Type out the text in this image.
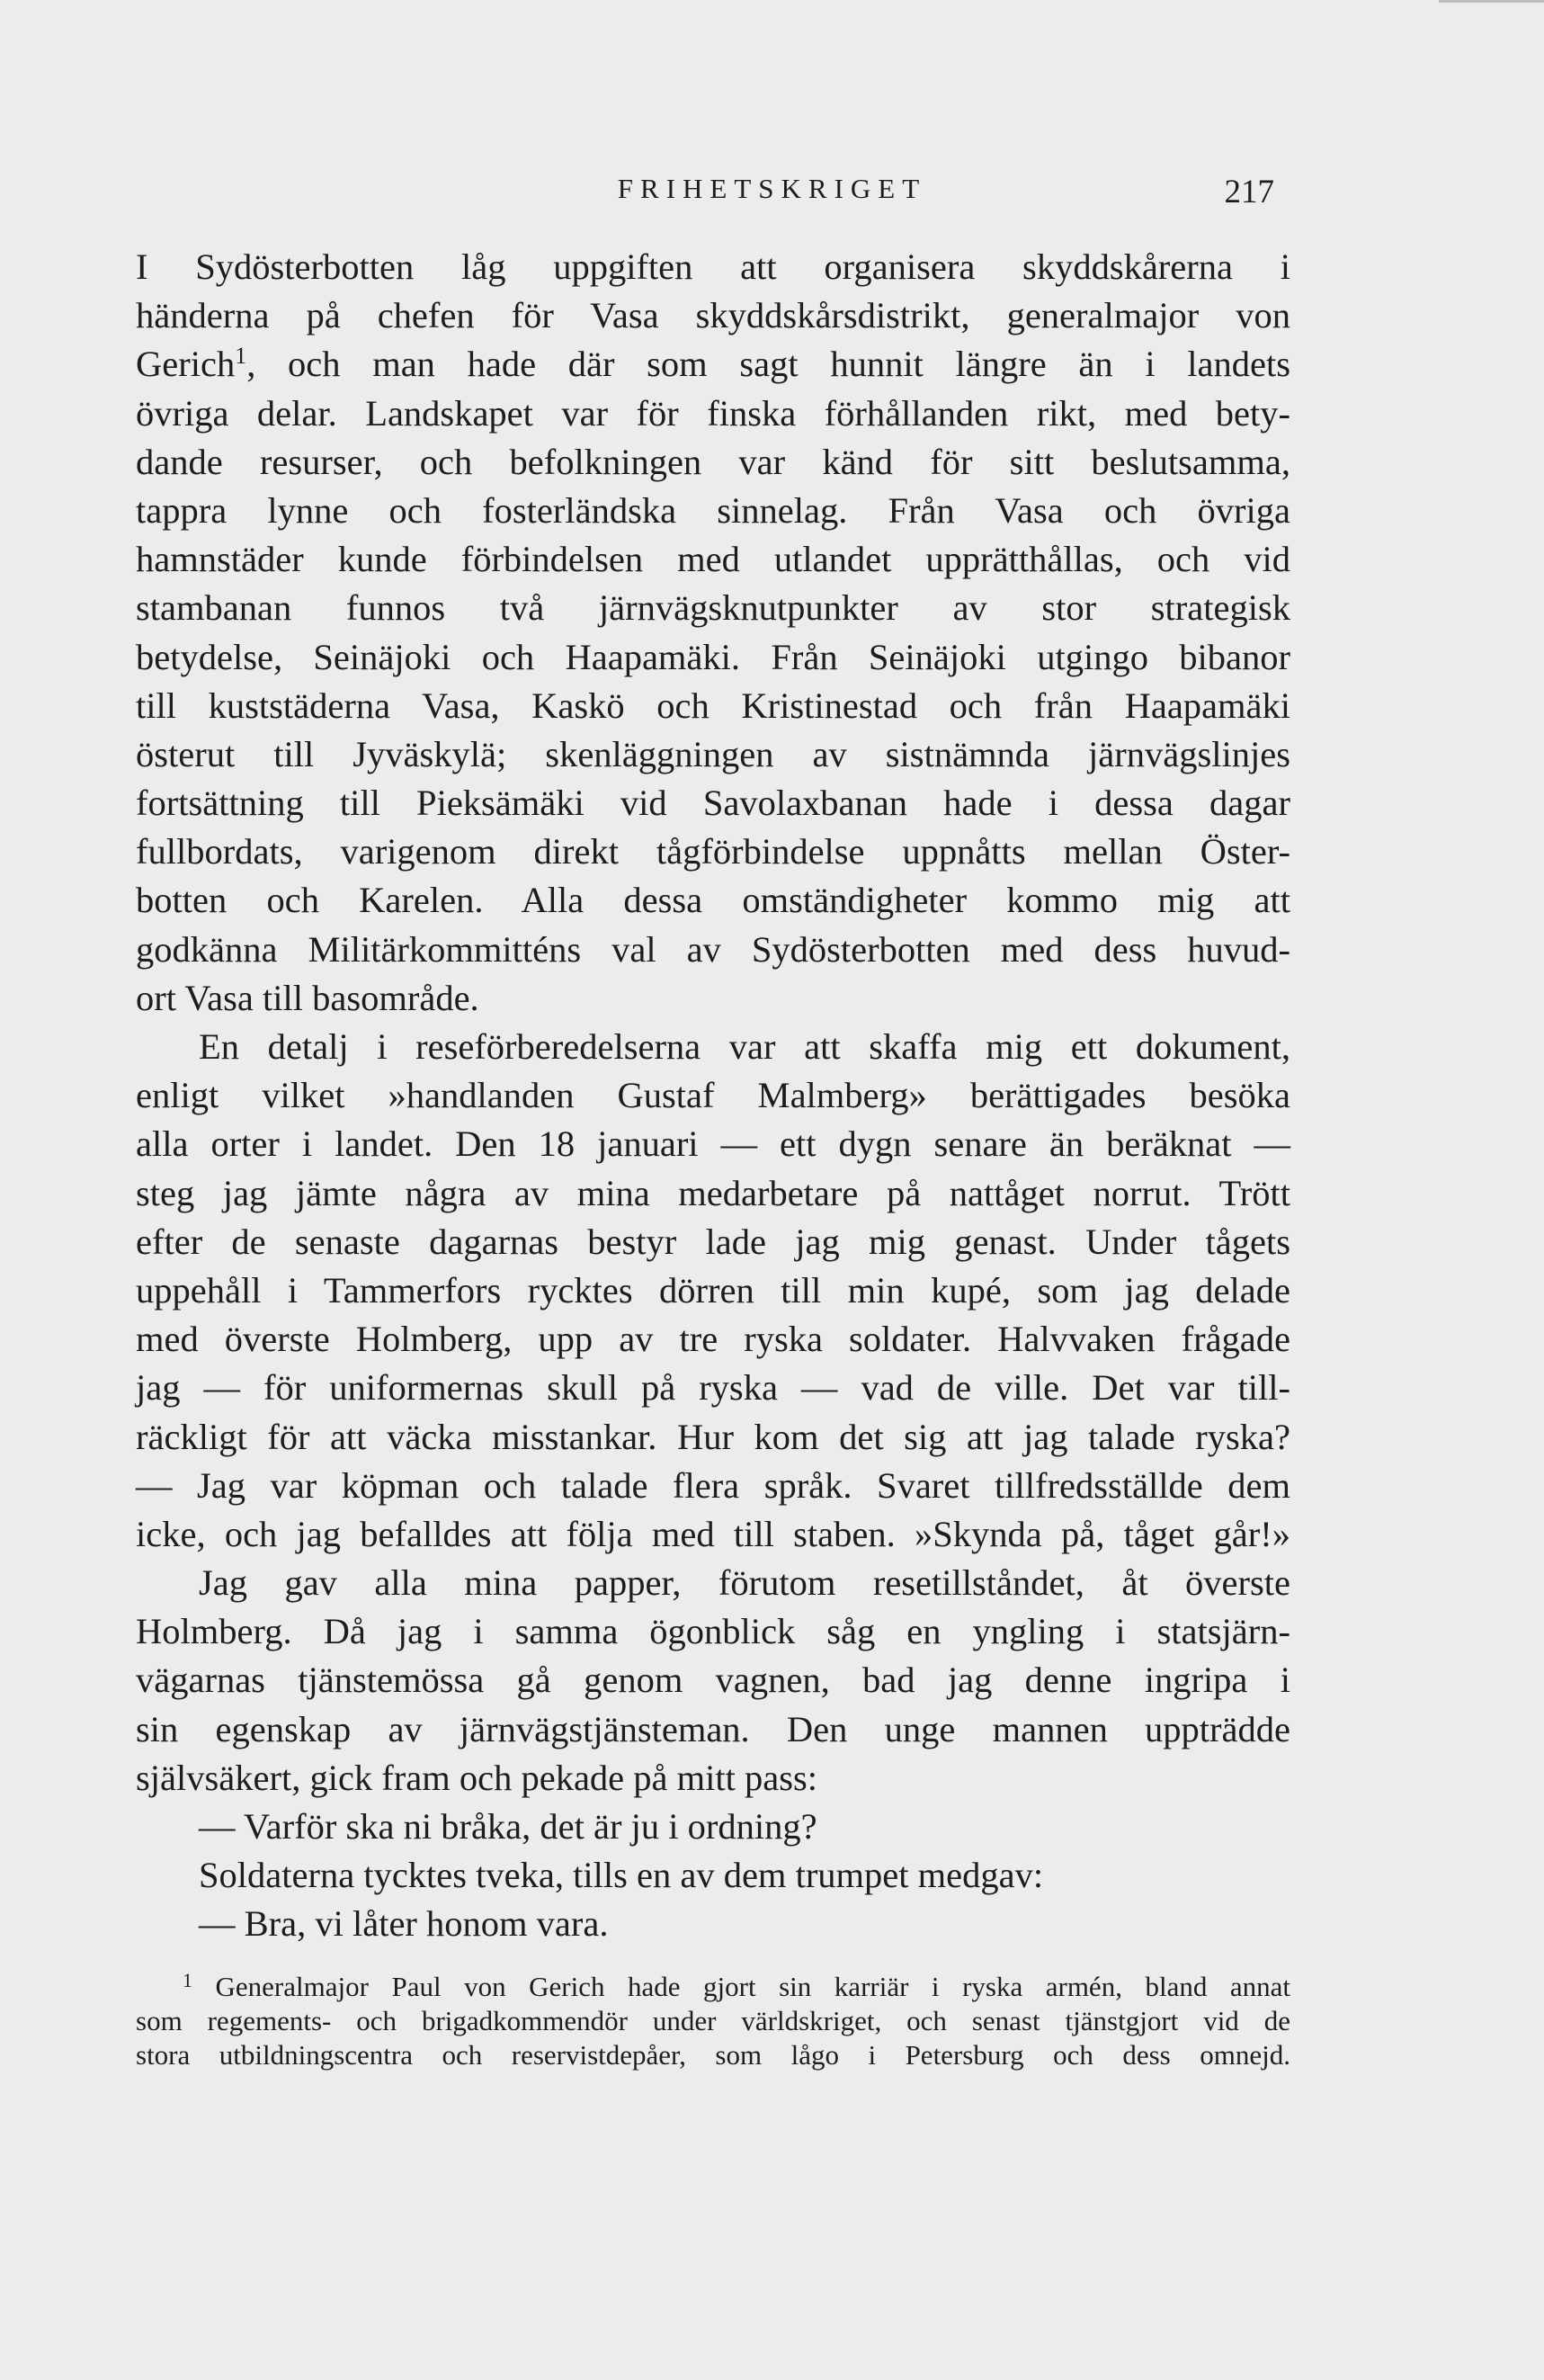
FRIHETSKRIGET	217
I Sydösterbotten låg uppgiften att organisera skyddskårerna i
händerna på chefen för Vasa skyddskårsdistrikt, generalmajor von
Gerich$^1$, och man hade där som sagt hunnit längre än i landets
övriga delar. Landskapet var för finska förhållanden rikt, med bety-
dande resurser, och befolkningen var känd för sitt beslutsamma,
tappra lynne och fosterländska sinnelag. Från Vasa och övriga
hamnstäder kunde förbindelsen med utlandet upprätthållas, och vid
stambanan funnos två järnvägsknutpunkter av stor strategisk
betydelse, Seinäjoki och Haapamäki. Från Seinäjoki utgingo bibanor
till kuststäderna Vasa, Kaskö och Kristinestad och från Haapamäki
österut till Jyväskylä; skenläggningen av sistnämnda järnvägslinjes
fortsättning till Pieksämäki vid Savolaxbanan hade i dessa dagar
fullbordats, varigenom direkt tågförbindelse uppnåtts mellan Öster-
botten och Karelen. Alla dessa omständigheter kommo mig att
godkänna Militärkommitténs val av Sydösterbotten med dess huvud-
ort Vasa till basområde.
En detalj i reseförberedelserna var att skaffa mig ett dokument,
enligt vilket »handlanden Gustaf Malmberg» berättigades besöka
alla orter i landet. Den 18 januari — ett dygn senare än beräknat —
steg jag jämte några av mina medarbetare på nattåget norrut. Trött
efter de senaste dagarnas bestyr lade jag mig genast. Under tågets
uppehåll i Tammerfors rycktes dörren till min kupé, som jag delade
med överste Holmberg, upp av tre ryska soldater. Halvvaken frågade
jag — för uniformernas skull på ryska — vad de ville. Det var till-
räckligt för att väcka misstankar. Hur kom det sig att jag talade ryska?
— Jag var köpman och talade flera språk. Svaret tillfredsställde dem
icke, och jag befalldes att följa med till staben. »Skynda på, tåget går!»
Jag gav alla mina papper, förutom resetillståndet, åt överste
Holmberg. Då jag i samma ögonblick såg en yngling i statsjärn-
vägarnas tjänstemössa gå genom vagnen, bad jag denne ingripa i
sin egenskap av järnvägstjänsteman. Den unge mannen uppträdde
självsäkert, gick fram och pekade på mitt pass:
— Varför ska ni bråka, det är ju i ordning?
Soldaterna tycktes tveka, tills en av dem trumpet medgav:
— Bra, vi låter honom vara.
$^1$ Generalmajor Paul von Gerich hade gjort sin karriär i ryska armén, bland annat
som regements- och brigadkommendör under världskriget, och senast tjänstgjort vid de
stora utbildningscentra och reservistdepåer, som lågo i Petersburg och dess omnejd.
